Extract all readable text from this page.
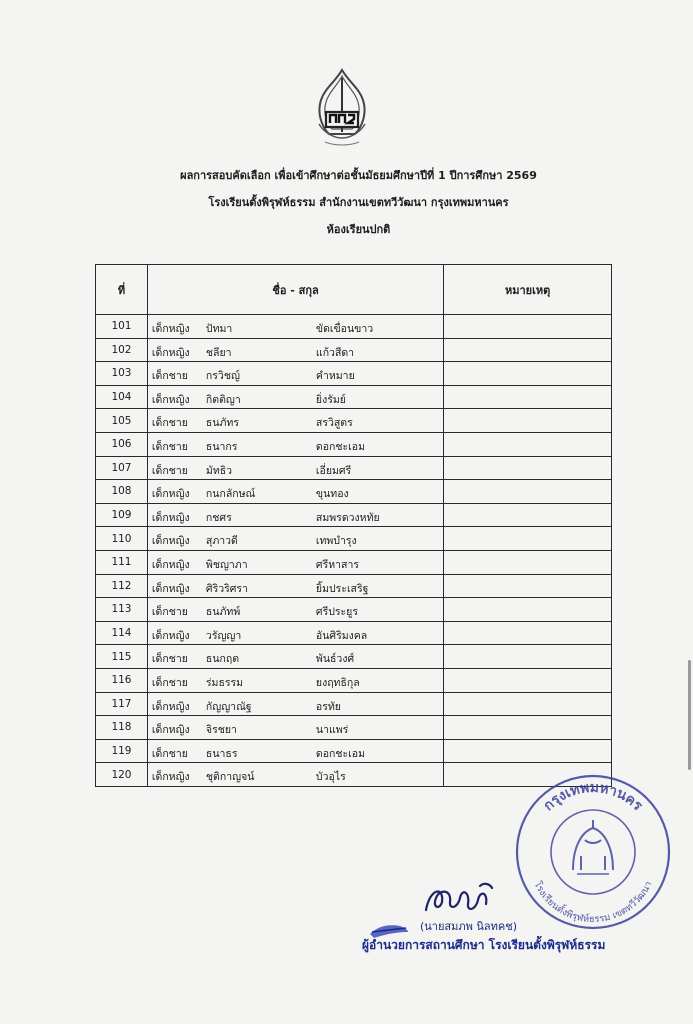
ผลการสอบคัดเลือก เพื่อเข้าศึกษาต่อชั้นมัธยมศึกษาปีที่ 1 ปีการศึกษา 2569
โรงเรียนตั้งพิรุฬห์ธรรม สำนักงานเขตทวีวัฒนา กรุงเทพมหานคร
ห้องเรียนปกติ
ที่	ชื่อ - สกุล	หมายเหตุ
101	เด็กหญิง ปัทมา ขัดเขื่อนขาว	

102	เด็กหญิง ชลียา แก้วสีดา	

103	เด็กชาย กรวิชญ์ คำหมาย	

104	เด็กหญิง กิตติญา ยิ่งรัมย์	

105	เด็กชาย ธนภัทร สรวิสูตร	

106	เด็กชาย ธนากร ดอกชะเอม	

107	เด็กชาย มัทธิว เอี่ยมศรี	

108	เด็กหญิง กนกลักษณ์ ขุนทอง	

109	เด็กหญิง กชศร สมพรดวงหทัย	

110	เด็กหญิง สุภาวดี เทพบำรุง	

111	เด็กหญิง พิชญาภา ศรีหาสาร	

112	เด็กหญิง ศิริวริศรา ยิ้มประเสริฐ	

113	เด็กชาย ธนภัทพ์ ศรีประยูร	

114	เด็กหญิง วรัญญา อันศิริมงคล	

115	เด็กชาย ธนกฤต พันธ์วงศ์	

116	เด็กชาย ร่มธรรม ยงฤทธิกุล	

117	เด็กหญิง กัญญาณัฐ อรทัย	

118	เด็กหญิง จิรชยา นาแพร่	

119	เด็กชาย ธนาธร ดอกชะเอม	

120	เด็กหญิง ชุติกาญจน์ บัวอุไร	

กรุงเทพมหานคร
โรงเรียนตั้งพิรุฬห์ธรรม เขตทวีวัฒนา
(นายสมภพ นิลทคช)
ผู้อำนวยการสถานศึกษา โรงเรียนตั้งพิรุฬห์ธรรม
